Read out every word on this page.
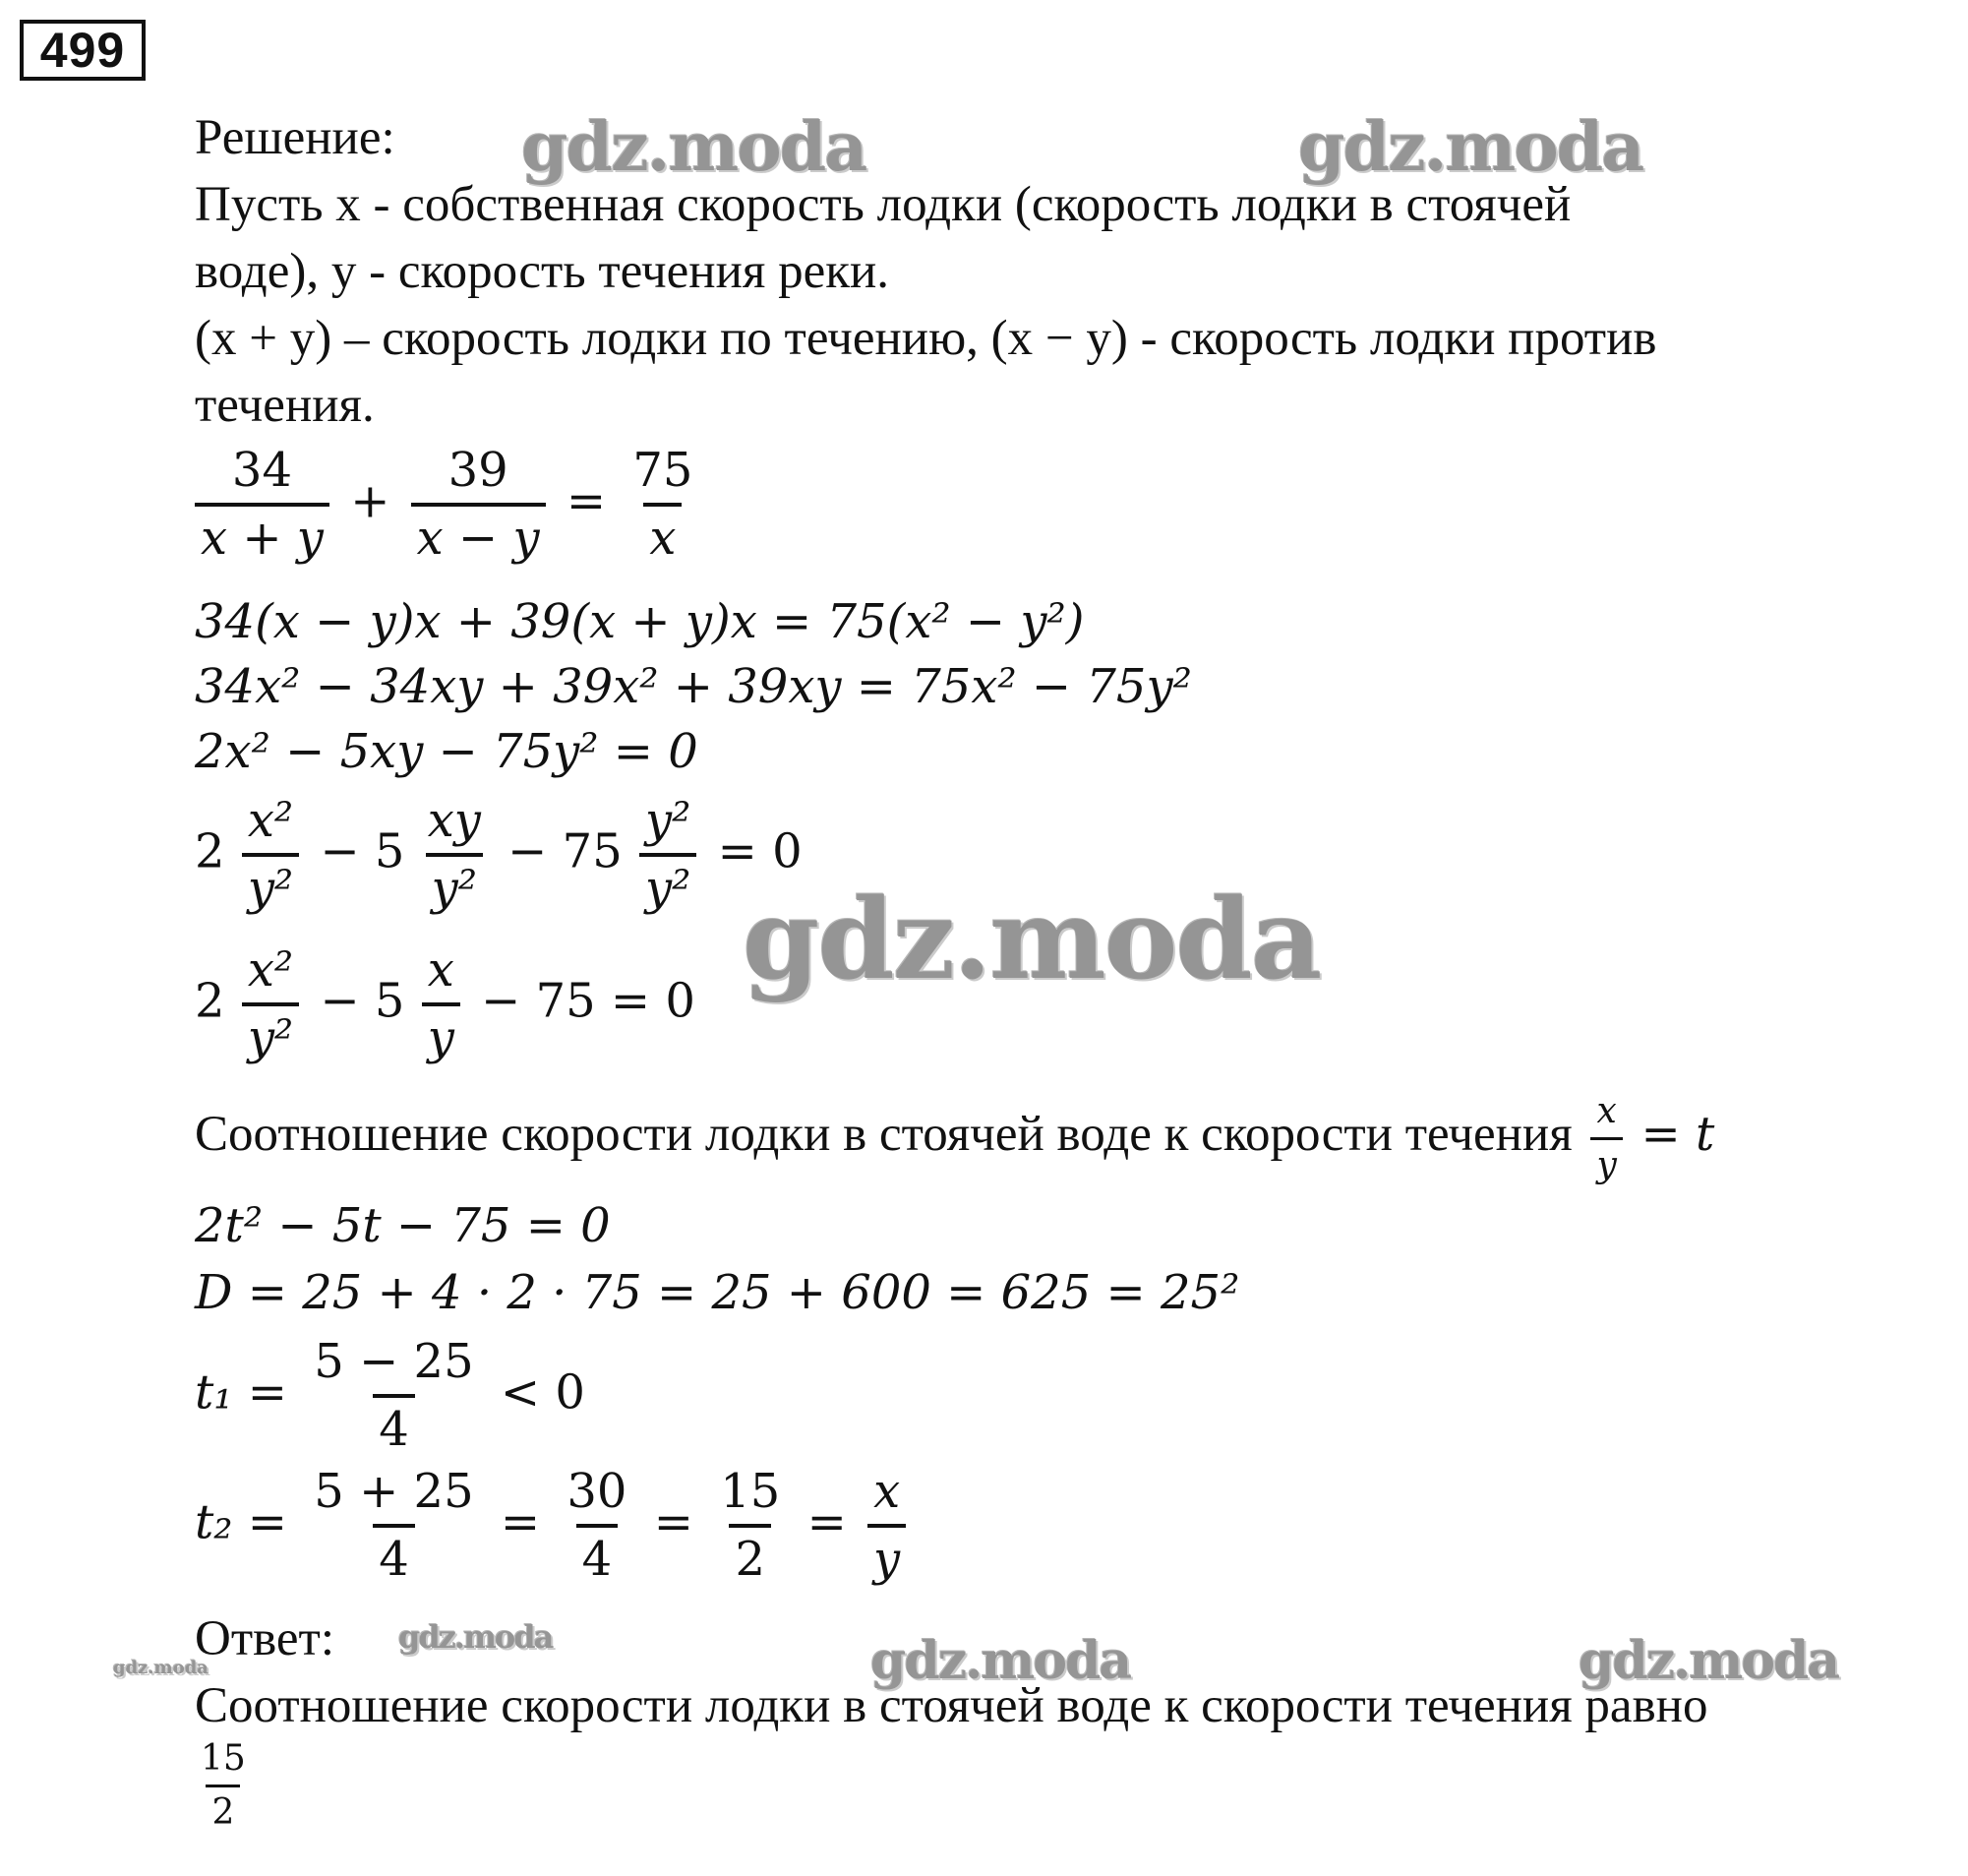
499
gdz.moda	gdz.moda
gdz.moda
gdz.moda
gdz.moda	gdz.moda	gdz.moda
Решение:
Пусть x - собственная скорость лодки (скорость лодки в стоячей
воде), y - скорость течения реки.
(x + y) – скорость лодки по течению, (x − y) - скорость лодки против
течения.
$\frac{34}{x + y} + \frac{39}{x - y} = \frac{75}{x}$
34(x − y)x + 39(x + y)x = 75(x² − y²)
34x² − 34xy + 39x² + 39xy = 75x² − 75y²
2x² − 5xy − 75y² = 0
$2 \frac{\text{x²}}{\text{y²}} - 5 \frac{xy}{\text{y²}} - 75 \frac{\text{y²}}{\text{y²}} = 0$
$2 \frac{\text{x²}}{\text{y²}} - 5 \frac{x}{y} - 75 = 0$
Соотношение скорости лодки в стоячей воде к скорости течения $\frac{x}{y} = t$
2t² − 5t − 75 = 0
D = 25 + 4 · 2 · 75 = 25 + 600 = 625 = 25²
$t_1 = \frac{5 - 25}{4} < 0$
$t_2 = \frac{5 + 25}{4} = \frac{30}{4} = \frac{15}{2} = \frac{x}{y}$
Ответ:
Соотношение скорости лодки в стоячей воде к скорости течения равно
$\frac{15}{2}$
